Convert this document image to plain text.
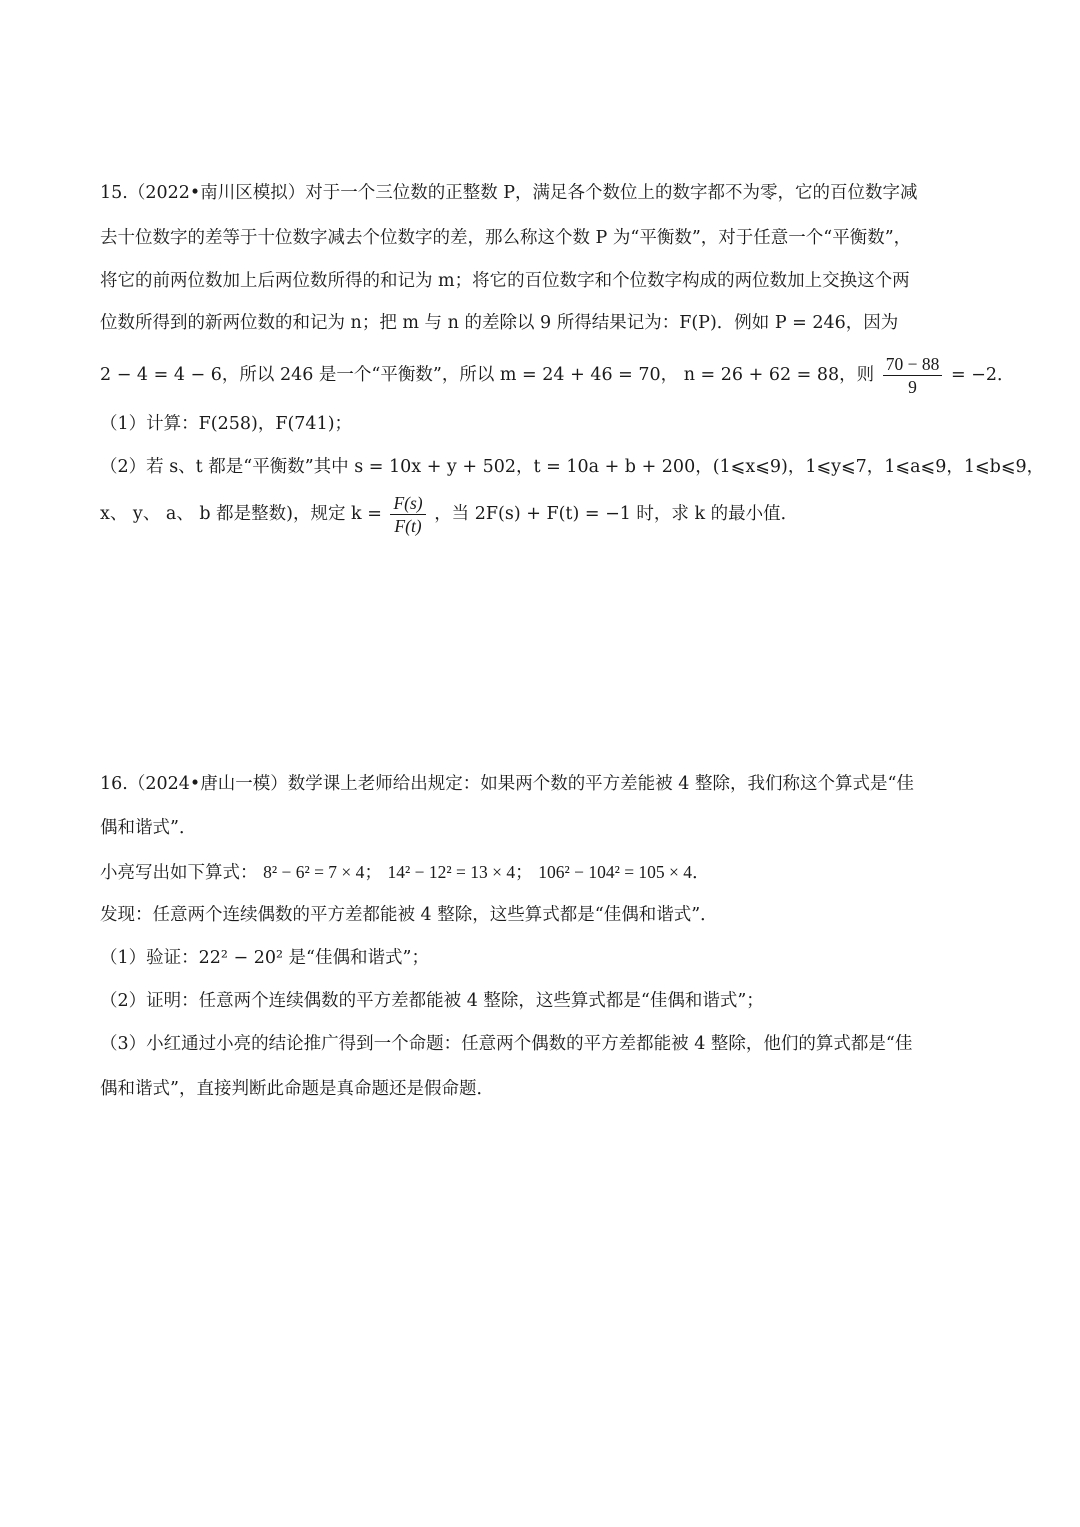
15.（2022•南川区模拟）对于一个三位数的正整数 P，满足各个数位上的数字都不为零，它的百位数字减
去十位数字的差等于十位数字减去个位数字的差，那么称这个数 P 为“平衡数”，对于任意一个“平衡数”，
将它的前两位数加上后两位数所得的和记为 m；将它的百位数字和个位数字构成的两位数加上交换这个两
位数所得到的新两位数的和记为 n；把 m 与 n 的差除以 9 所得结果记为：F(P)．例如 P = 246，因为
2 − 4 = 4 − 6，所以 246 是一个“平衡数”，所以 m = 24 + 46 = 70， n = 26 + 62 = 88，则 $\frac{70 - 88}{9} = -2$．
（1）计算：F(258)，F(741)；
（2）若 s、t 都是“平衡数”其中 s = 10x + y + 502，t = 10a + b + 200，(1⩽x⩽9)，1⩽y⩽7，1⩽a⩽9，1⩽b⩽9，
x、 y、 a、 b 都是整数)，规定 $k = \frac{F(s)}{F(t)}$ ，当 2F(s) + F(t) = −1 时，求 k 的最小值．
16.（2024•唐山一模）数学课上老师给出规定：如果两个数的平方差能被 4 整除，我们称这个算式是“佳
偶和谐式”．
小亮写出如下算式： 8² − 6² = 7 × 4； 14² − 12² = 13 × 4； 106² − 104² = 105 × 4．
发现：任意两个连续偶数的平方差都能被 4 整除，这些算式都是“佳偶和谐式”．
（1）验证：22² − 20² 是“佳偶和谐式”；
（2）证明：任意两个连续偶数的平方差都能被 4 整除，这些算式都是“佳偶和谐式”；
（3）小红通过小亮的结论推广得到一个命题：任意两个偶数的平方差都能被 4 整除，他们的算式都是“佳
偶和谐式”，直接判断此命题是真命题还是假命题．
